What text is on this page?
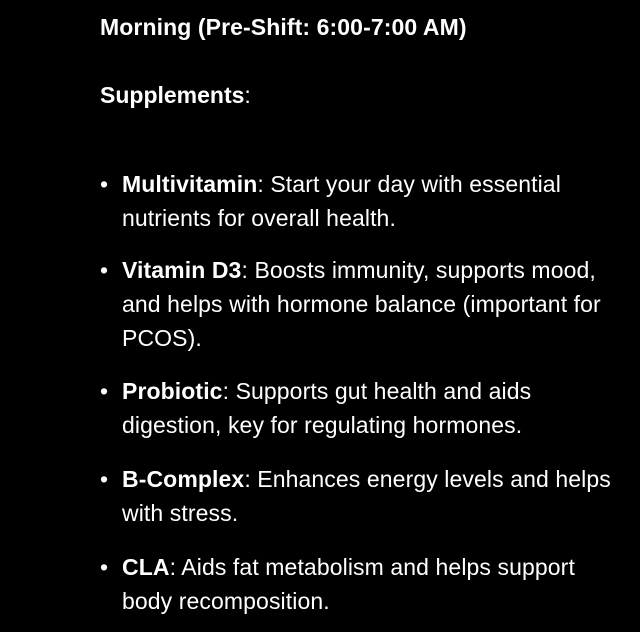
Morning (Pre-Shift: 6:00-7:00 AM)
Supplements:
• Multivitamin: Start your day with essential nutrients for overall health.
• Vitamin D3: Boosts immunity, supports mood, and helps with hormone balance (important for PCOS).
• Probiotic: Supports gut health and aids digestion, key for regulating hormones.
• B-Complex: Enhances energy levels and helps with stress.
• CLA: Aids fat metabolism and helps support body recomposition.
